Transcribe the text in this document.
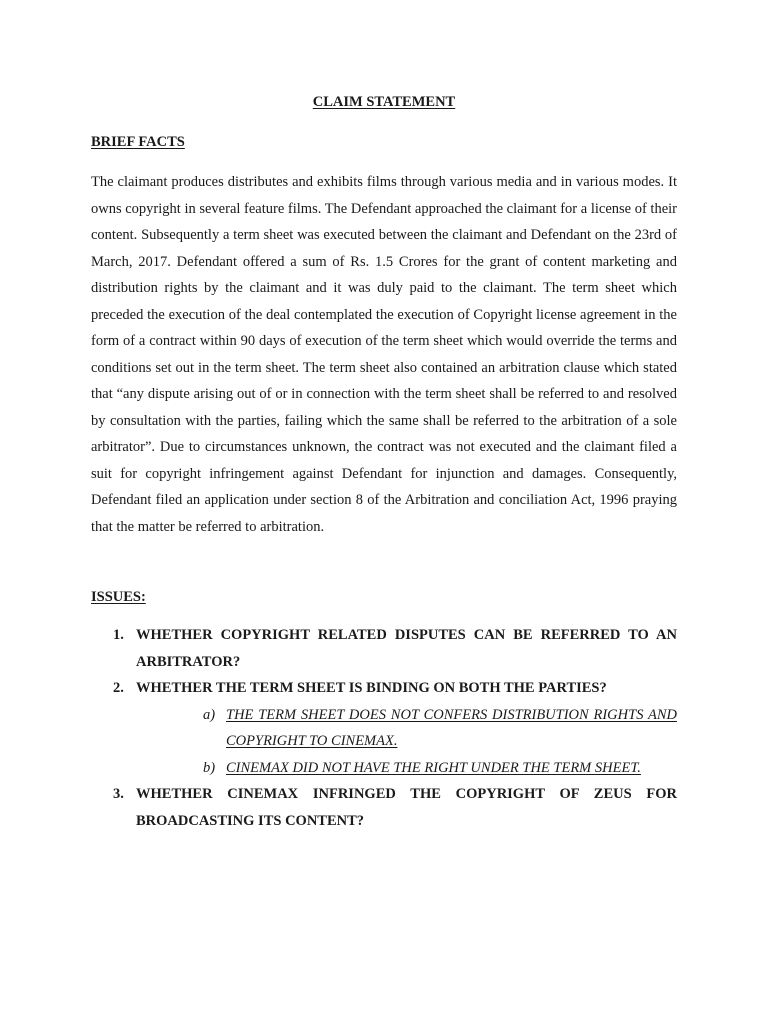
CLAIM STATEMENT
BRIEF FACTS

The claimant produces distributes and exhibits films through various media and in various modes. It owns copyright in several feature films. The Defendant approached the claimant for a license of their content. Subsequently a term sheet was executed between the claimant and Defendant on the 23rd of March, 2017. Defendant offered a sum of Rs. 1.5 Crores for the grant of content marketing and distribution rights by the claimant and it was duly paid to the claimant. The term sheet which preceded the execution of the deal contemplated the execution of Copyright license agreement in the form of a contract within 90 days of execution of the term sheet which would override the terms and conditions set out in the term sheet. The term sheet also contained an arbitration clause which stated that “any dispute arising out of or in connection with the term sheet shall be referred to and resolved by consultation with the parties, failing which the same shall be referred to the arbitration of a sole arbitrator”. Due to circumstances unknown, the contract was not executed and the claimant filed a suit for copyright infringement against Defendant for injunction and damages. Consequently, Defendant filed an application under section 8 of the Arbitration and conciliation Act, 1996 praying that the matter be referred to arbitration.

ISSUES:
1. WHETHER COPYRIGHT RELATED DISPUTES CAN BE REFERRED TO AN ARBITRATOR?
2. WHETHER THE TERM SHEET IS BINDING ON BOTH THE PARTIES?
a) THE TERM SHEET DOES NOT CONFERS DISTRIBUTION RIGHTS AND COPYRIGHT TO CINEMAX.
b) CINEMAX DID NOT HAVE THE RIGHT UNDER THE TERM SHEET.
3. WHETHER CINEMAX INFRINGED THE COPYRIGHT OF ZEUS FOR BROADCASTING ITS CONTENT?
